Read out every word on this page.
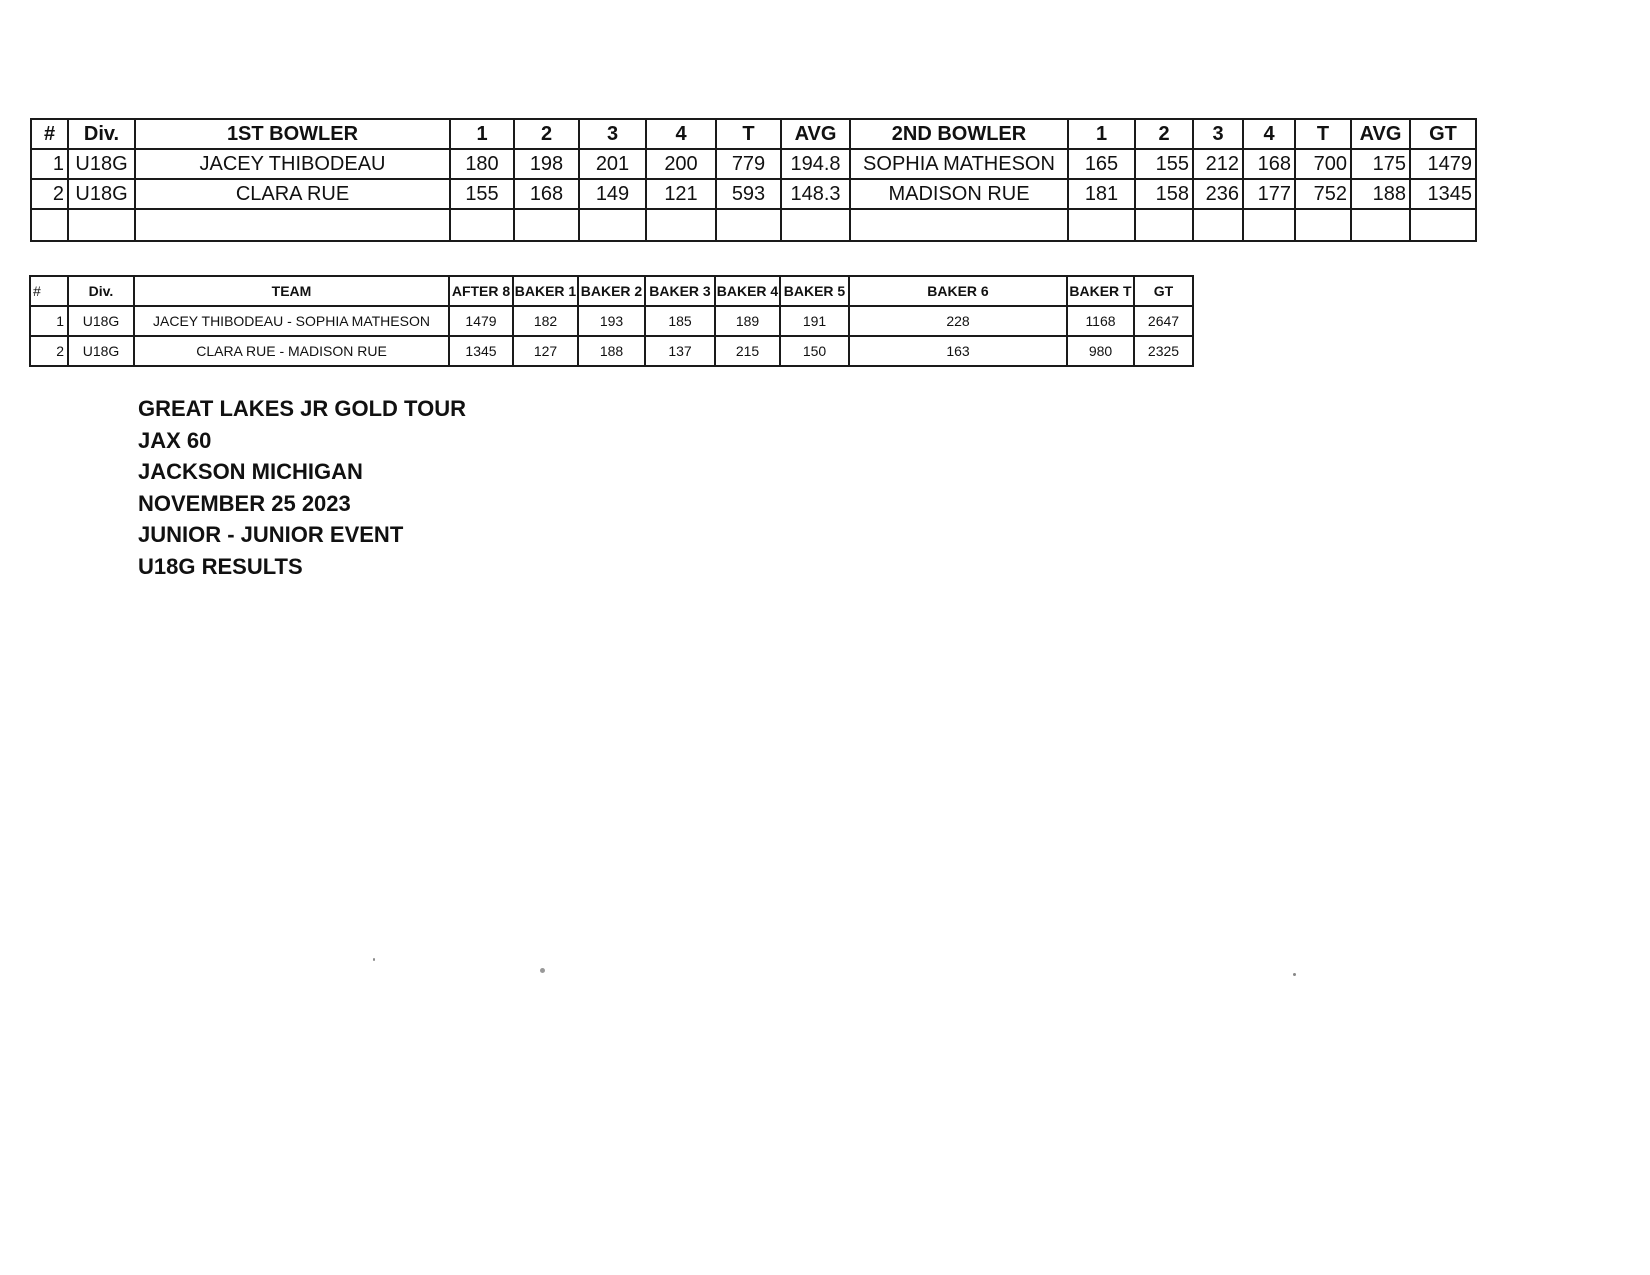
#	Div.	1ST BOWLER	1	2	3	4	T	AVG	2ND BOWLER	1	2	3	4	T	AVG	GT
1	U18G	JACEY THIBODEAU	180	198	201	200	779	194.8	SOPHIA MATHESON	165	155	212	168	700	175	1479
2	U18G	CLARA RUE	155	168	149	121	593	148.3	MADISON RUE	181	158	236	177	752	188	1345

#	Div.	TEAM	AFTER 8	BAKER 1	BAKER 2	BAKER 3	BAKER 4	BAKER 5	BAKER 6	BAKER T	GT
1	U18G	JACEY THIBODEAU - SOPHIA MATHESON	1479	182	193	185	189	191	228	1168	2647
2	U18G	CLARA RUE - MADISON RUE	1345	127	188	137	215	150	163	980	2325
GREAT LAKES JR GOLD TOUR
JAX 60
JACKSON MICHIGAN
NOVEMBER 25 2023
JUNIOR - JUNIOR EVENT
U18G RESULTS
